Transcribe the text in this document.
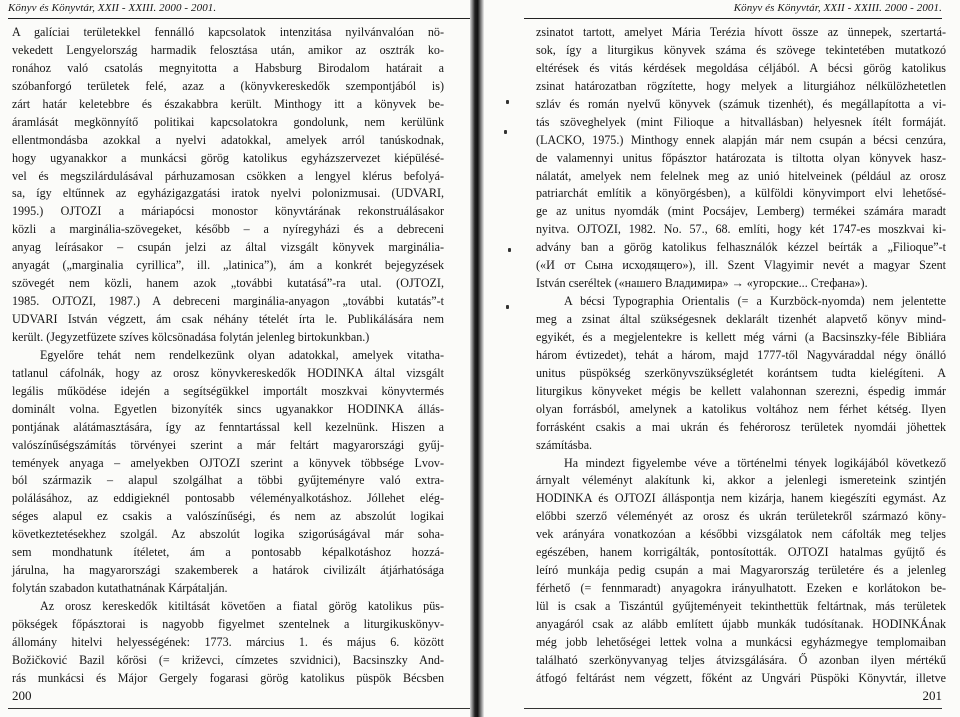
Könyv és Könyvtár, XXII - XXIII. 2000 - 2001.
A galíciai területekkel fennálló kapcsolatok intenzitása nyilvánvalóan nö-
vekedett Lengyelország harmadik felosztása után, amikor az osztrák ko-
ronához való csatolás megnyitotta a Habsburg Birodalom határait a
szóbanforgó területek felé, azaz a (könyvkereskedők szempontjából is)
zárt határ keletebbre és északabbra került. Minthogy itt a könyvek be-
áramlását megkönnyítő politikai kapcsolatokra gondolunk, nem kerülünk
ellentmondásba azokkal a nyelvi adatokkal, amelyek arról tanúskodnak,
hogy ugyanakkor a munkácsi görög katolikus egyházszervezet kiépülésé-
vel és megszilárdulásával párhuzamosan csökken a lengyel klérus befolyá-
sa, így eltűnnek az egyházigazgatási iratok nyelvi polonizmusai. (UDVARI,
1995.) OJTOZI a máriapócsi monostor könyvtárának rekonstruálásakor
közli a marginália-szövegeket, később – a nyíregyházi és a debreceni
anyag leírásakor – csupán jelzi az által vizsgált könyvek marginália-
anyagát („marginalia cyrillica”, ill. „latinica”), ám a konkrét bejegyzések
szövegét nem közli, hanem azok „további kutatásá”-ra utal. (OJTOZI,
1985. OJTOZI, 1987.) A debreceni marginália-anyagon „további kutatás”-t
UDVARI István végzett, ám csak néhány tételét írta le. Publikálására nem
került. (Jegyzetfüzete szíves kölcsönadása folytán jelenleg birtokunkban.)
Egyelőre tehát nem rendelkezünk olyan adatokkal, amelyek vitatha-
tatlanul cáfolnák, hogy az orosz könyvkereskedők HODINKA által vizsgált
legális működése idején a segítségükkel importált moszkvai könyvtermés
dominált volna. Egyetlen bizonyíték sincs ugyanakkor HODINKA állás-
pontjának alátámasztására, így az fenntartással kell kezelnünk. Hiszen a
valószínűségszámítás törvényei szerint a már feltárt magyarországi gyűj-
temények anyaga – amelyekben OJTOZI szerint a könyvek többsége Lvov-
ból származik – alapul szolgálhat a többi gyűjteményre való extra-
polálásához, az eddigieknél pontosabb véleményalkotáshoz. Jóllehet elég-
séges alapul ez csakis a valószínűségi, és nem az abszolút logikai
következtetésekhez szolgál. Az abszolút logika szigorúságával már soha-
sem mondhatunk ítéletet, ám a pontosabb képalkotáshoz hozzá-
járulna, ha magyarországi szakemberek a határok civilizált átjárhatósága
folytán szabadon kutathatnának Kárpátalján.
Az orosz kereskedők kitiltását követően a fiatal görög katolikus püs-
pökségek főpásztorai is nagyobb figyelmet szentelnek a liturgikuskönyv-
állomány hitelvi helyességének: 1773. március 1. és május 6. között
Božičković Bazil kőrösi (= križevci, címzetes szvidnici), Bacsinszky And-
rás munkácsi és Májor Gergely fogarasi görög katolikus püspök Bécsben
200
Könyv és Könyvtár, XXII - XXIII. 2000 - 2001.
zsinatot tartott, amelyet Mária Terézia hívott össze az ünnepek, szertartá-
sok, így a liturgikus könyvek száma és szövege tekintetében mutatkozó
eltérések és vitás kérdések megoldása céljából. A bécsi görög katolikus
zsinat határozatban rögzítette, hogy melyek a liturgiához nélkülözhetetlen
szláv és román nyelvű könyvek (számuk tizenhét), és megállapította a vi-
tás szöveghelyek (mint Filioque a hitvallásban) helyesnek ítélt formáját.
(LACKO, 1975.) Minthogy ennek alapján már nem csupán a bécsi cenzúra,
de valamennyi unitus főpásztor határozata is tiltotta olyan könyvek hasz-
nálatát, amelyek nem felelnek meg az unió hitelveinek (például az orosz
patriarchát említik a könyörgésben), a külföldi könyvimport elvi lehetősé-
ge az unitus nyomdák (mint Pocsájev, Lemberg) termékei számára maradt
nyitva. OJTOZI, 1982. No. 57., 68. említi, hogy két 1747-es moszkvai ki-
advány ban a görög katolikus felhasználók kézzel beírták a „Filioque”-t
(«И от Сына исходящего»), ill. Szent Vlagyimir nevét a magyar Szent
István cseréltek («нашего Владимира» → «угорскиe... Стефана»).
A bécsi Typographia Orientalis (= a Kurzböck-nyomda) nem jelentette
meg a zsinat által szükségesnek deklarált tizenhét alapvető könyv mind-
egyikét, és a megjelentekre is kellett még várni (a Bacsinszky-féle Bibliára
három évtizedet), tehát a három, majd 1777-től Nagyváraddal négy önálló
unitus püspökség szerkönyvszükségletét korántsem tudta kielégíteni. A
liturgikus könyveket mégis be kellett valahonnan szerezni, éspedig immár
olyan forrásból, amelynek a katolikus voltához nem férhet kétség. Ilyen
forrásként csakis a mai ukrán és fehérorosz területek nyomdái jöhettek
számításba.
Ha mindezt figyelembe véve a történelmi tények logikájából következő
árnyalt véleményt alakítunk ki, akkor a jelenlegi ismereteink szintjén
HODINKA és OJTOZI álláspontja nem kizárja, hanem kiegészíti egymást. Az
előbbi szerző véleményét az orosz és ukrán területekről származó köny-
vek arányára vonatkozóan a későbbi vizsgálatok nem cáfolták meg teljes
egészében, hanem korrigálták, pontosították. OJTOZI hatalmas gyűjtő és
leíró munkája pedig csupán a mai Magyarország területére és a jelenleg
férhető (= fennmaradt) anyagokra irányulhatott. Ezeken e korlátokon be-
lül is csak a Tiszántúl gyűjteményeit tekinthettük feltártnak, más területek
anyagáról csak az alább említett újabb munkák tudósítanak. HODINKÁnak
még jobb lehetőségei lettek volna a munkácsi egyházmegye templomaiban
található szerkönyvanyag teljes átvizsgálására. Ő azonban ilyen mértékű
átfogó feltárást nem végzett, főként az Ungvári Püspöki Könyvtár, illetve
201
